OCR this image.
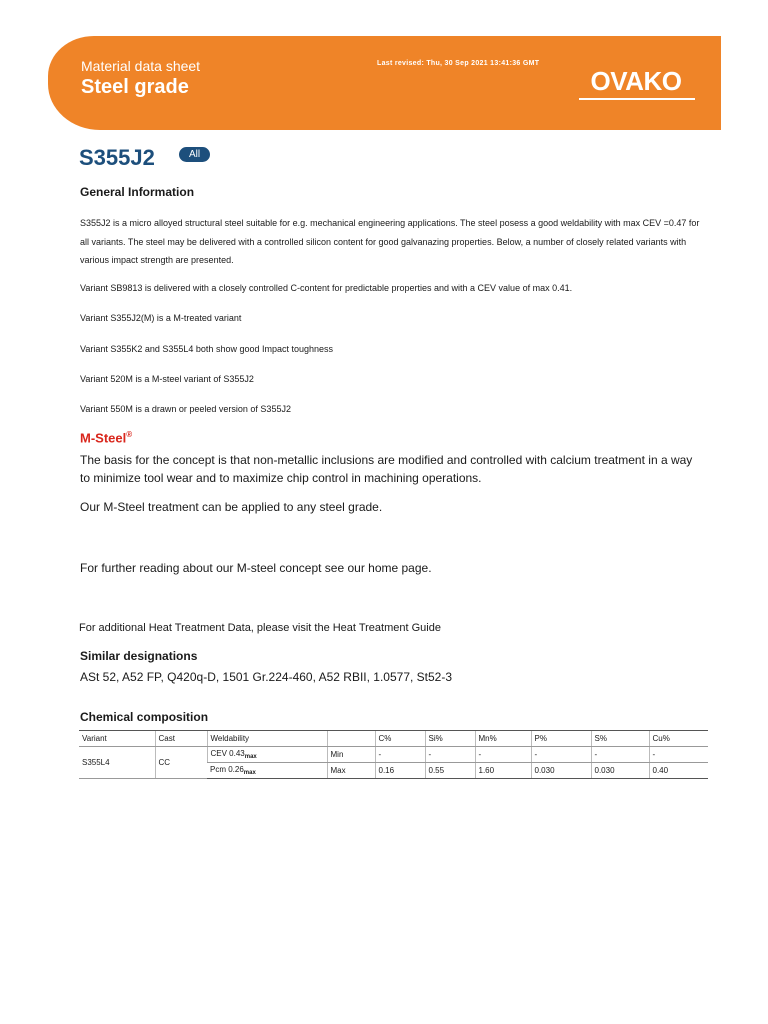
Material data sheet
Steel grade
Last revised: Thu, 30 Sep 2021 13:41:36 GMT
OVAKO
S355J2	All
General Information
S355J2 is a micro alloyed structural steel suitable for e.g. mechanical engineering applications. The steel posess a good weldability with max CEV =0.47 for all variants. The steel may be delivered with a controlled silicon content for good galvanazing properties. Below, a number of closely related variants with various impact strength are presented.
Variant SB9813 is delivered with a closely controlled C-content for predictable properties and with a CEV value of max 0.41.
Variant S355J2(M) is a M-treated variant
Variant S355K2 and S355L4 both show good Impact toughness
Variant 520M is a M-steel variant of S355J2
Variant 550M is a drawn or peeled version of S355J2
M-Steel®
The basis for the concept is that non-metallic inclusions are modified and controlled with calcium treatment in a way to minimize tool wear and to maximize chip control in machining operations.
Our M-Steel treatment can be applied to any steel grade.
For further reading about our M-steel concept see our home page.
For additional Heat Treatment Data, please visit the Heat Treatment Guide
Similar designations
ASt 52, A52 FP, Q420q-D, 1501 Gr.224-460, A52 RBII, 1.0577, St52-3
Chemical composition
Variant	Cast	Weldability		C%	Si%	Mn%	P%	S%	Cu%
S355L4	CC	CEV $0.43_{max}$	Min	-	-	-	-	-	-
		Pcm $0.26_{max}$	Max	0.16	0.55	1.60	0.030	0.030	0.40
